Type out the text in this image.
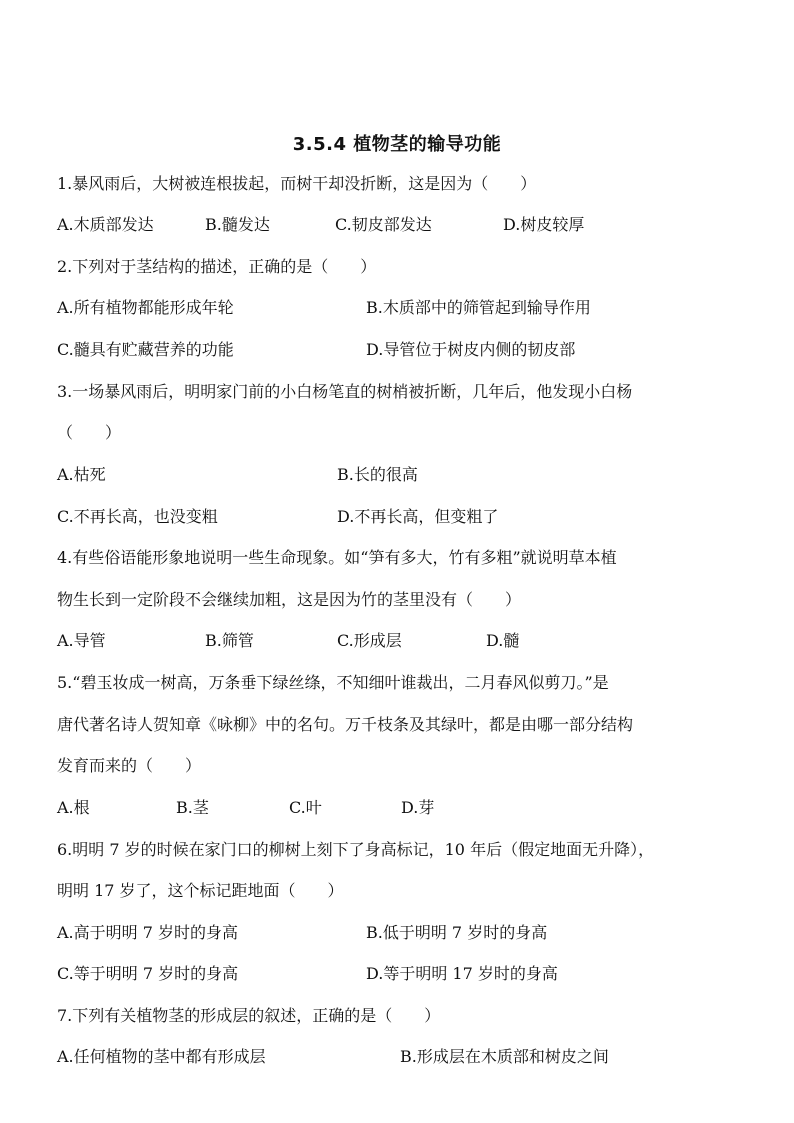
3.5.4 植物茎的输导功能
1.暴风雨后，大树被连根拔起，而树干却没折断，这是因为（　　）
A.木质部发达	B.髓发达	C.韧皮部发达	D.树皮较厚
2.下列对于茎结构的描述，正确的是（　　）
A.所有植物都能形成年轮	B.木质部中的筛管起到输导作用
C.髓具有贮藏营养的功能	D.导管位于树皮内侧的韧皮部
3.一场暴风雨后，明明家门前的小白杨笔直的树梢被折断，几年后，他发现小白杨
（　　）
A.枯死	B.长的很高
C.不再长高，也没变粗	D.不再长高，但变粗了
4.有些俗语能形象地说明一些生命现象。如“笋有多大，竹有多粗”就说明草本植
物生长到一定阶段不会继续加粗，这是因为竹的茎里没有（　　）
A.导管	B.筛管	C.形成层	D.髓
5.“碧玉妆成一树高，万条垂下绿丝绦，不知细叶谁裁出，二月春风似剪刀。”是
唐代著名诗人贺知章《咏柳》中的名句。万千枝条及其绿叶，都是由哪一部分结构
发育而来的（　　）
A.根	B.茎	C.叶	D.芽
6.明明 7 岁的时候在家门口的柳树上刻下了身高标记，10 年后（假定地面无升降），
明明 17 岁了，这个标记距地面（　　）
A.高于明明 7 岁时的身高	B.低于明明 7 岁时的身高
C.等于明明 7 岁时的身高	D.等于明明 17 岁时的身高
7.下列有关植物茎的形成层的叙述，正确的是（　　）
A.任何植物的茎中都有形成层	B.形成层在木质部和树皮之间
